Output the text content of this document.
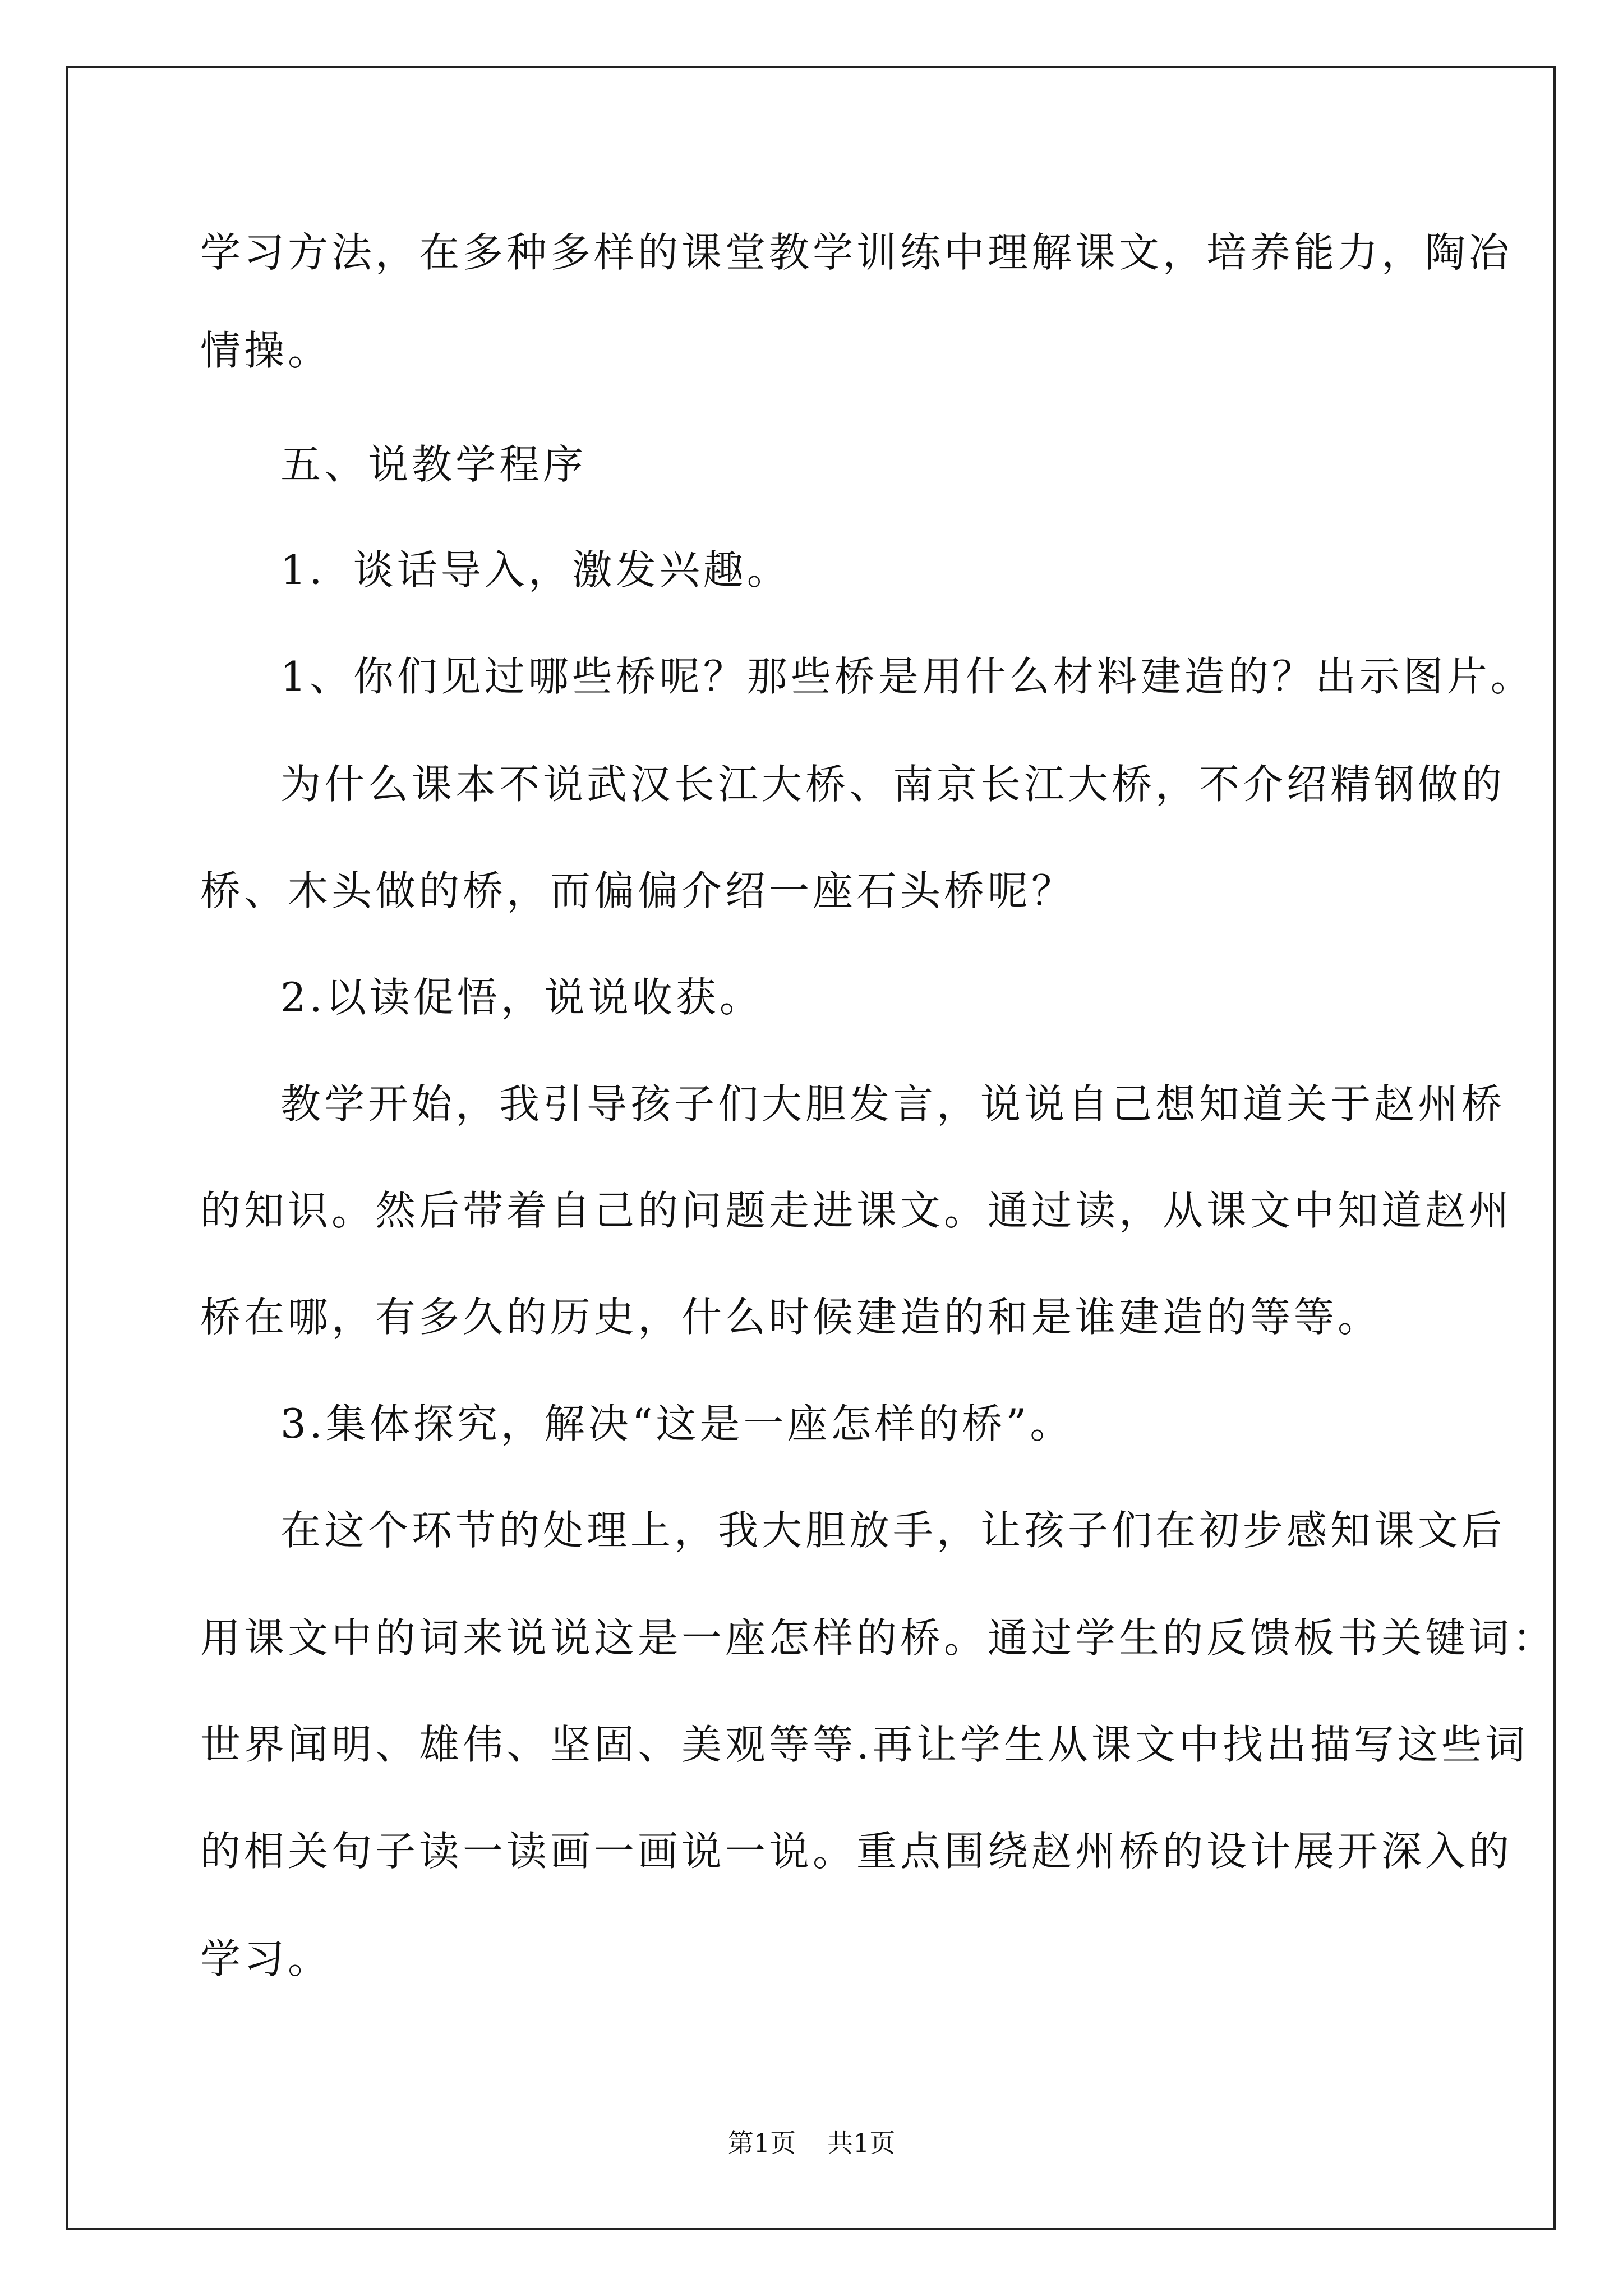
学习方法，在多种多样的课堂教学训练中理解课文，培养能力，陶冶
情操。
五、说教学程序
1．谈话导入，激发兴趣。
1、你们见过哪些桥呢？那些桥是用什么材料建造的？出示图片。
为什么课本不说武汉长江大桥、南京长江大桥，不介绍精钢做的
桥、木头做的桥，而偏偏介绍一座石头桥呢？
2.以读促悟，说说收获。
教学开始，我引导孩子们大胆发言，说说自己想知道关于赵州桥
的知识。然后带着自己的问题走进课文。通过读，从课文中知道赵州
桥在哪，有多久的历史，什么时候建造的和是谁建造的等等。
3.集体探究，解决“这是一座怎样的桥”。
在这个环节的处理上，我大胆放手，让孩子们在初步感知课文后
用课文中的词来说说这是一座怎样的桥。通过学生的反馈板书关键词：
世界闻明、雄伟、坚固、美观等等.再让学生从课文中找出描写这些词
的相关句子读一读画一画说一说。重点围绕赵州桥的设计展开深入的
学习。
第1页 共1页
